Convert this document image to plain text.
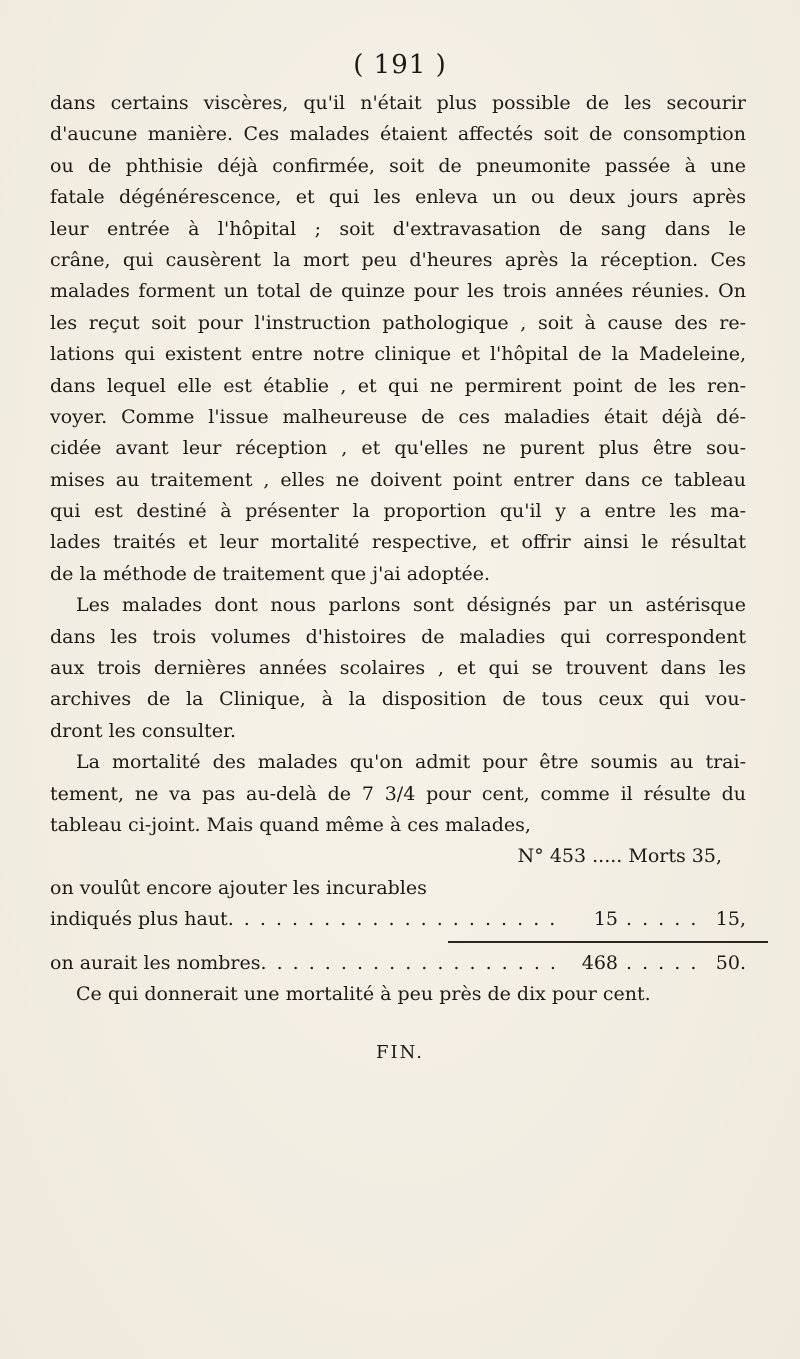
( 191 )
dans certains viscères, qu'il n'était plus possible de les secourir
d'aucune manière. Ces malades étaient affectés soit de consomption
ou de phthisie déjà confirmée, soit de pneumonite passée à une
fatale dégénérescence, et qui les enleva un ou deux jours après
leur entrée à l'hôpital ; soit d'extravasation de sang dans le
crâne, qui causèrent la mort peu d'heures après la réception. Ces
malades forment un total de quinze pour les trois années réunies. On
les reçut soit pour l'instruction pathologique , soit à cause des re-
lations qui existent entre notre clinique et l'hôpital de la Madeleine,
dans lequel elle est établie , et qui ne permirent point de les ren-
voyer. Comme l'issue malheureuse de ces maladies était déjà dé-
cidée avant leur réception , et qu'elles ne purent plus être sou-
mises au traitement , elles ne doivent point entrer dans ce tableau
qui est destiné à présenter la proportion qu'il y a entre les ma-
lades traités et leur mortalité respective, et offrir ainsi le résultat
de la méthode de traitement que j'ai adoptée.
Les malades dont nous parlons sont désignés par un astérisque
dans les trois volumes d'histoires de maladies qui correspondent
aux trois dernières années scolaires , et qui se trouvent dans les
archives de la Clinique, à la disposition de tous ceux qui vou-
dront les consulter.
La mortalité des malades qu'on admit pour être soumis au trai-
tement, ne va pas au-delà de 7 3/4 pour cent, comme il résulte du
tableau ci-joint. Mais quand même à ces malades,
N° 453 ..... Morts 35,
on voulût encore ajouter les incurables
indiqués plus haut . . .	15 . . .	15,
on aurait les nombres . . .	468 . . .	50.
Ce qui donnerait une mortalité à peu près de dix pour cent.
FIN.
